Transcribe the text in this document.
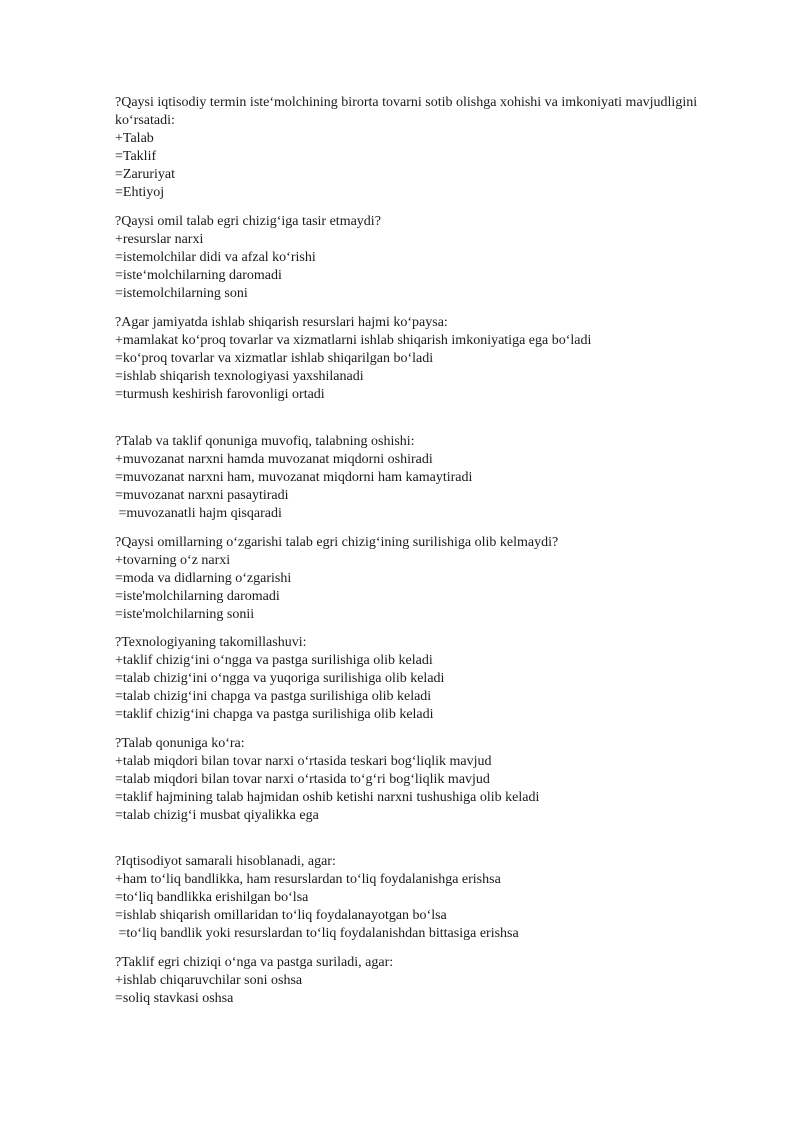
?Qaysi iqtisodiy termin iste‘molchining birorta tovarni sotib olishga xohishi va imkoniyati mavjudligini ko‘rsatadi:
+Talab
=Taklif
=Zaruriyat
=Ehtiyoj
?Qaysi omil talab egri chizig‘iga tasir etmaydi?
+resurslar narxi
=istemolchilar didi va afzal ko‘rishi
=iste‘molchilarning daromadi
=istemolchilarning soni
?Agar jamiyatda ishlab shiqarish resurslari hajmi ko‘paysa:
+mamlakat ko‘proq tovarlar va xizmatlarni ishlab shiqarish imkoniyatiga ega bo‘ladi
=ko‘proq tovarlar va xizmatlar ishlab shiqarilgan bo‘ladi
=ishlab shiqarish texnologiyasi yaxshilanadi
=turmush keshirish farovonligi ortadi
?Talab va taklif qonuniga muvofiq, talabning oshishi:
+muvozanat narxni hamda muvozanat miqdorni oshiradi
=muvozanat narxni ham, muvozanat miqdorni ham kamaytiradi
=muvozanat narxni pasaytiradi
=muvozanatli hajm qisqaradi
?Qaysi omillarning o‘zgarishi talab egri chizig‘ining surilishiga olib kelmaydi?
+tovarning o‘z narxi
=moda va didlarning o‘zgarishi
=iste'molchilarning daromadi
=iste'molchilarning sonii
?Texnologiyaning takomillashuvi:
+taklif chizig‘ini o‘ngga va pastga surilishiga olib keladi
=talab chizig‘ini o‘ngga va yuqoriga surilishiga olib keladi
=talab chizig‘ini chapga va pastga surilishiga olib keladi
=taklif chizig‘ini chapga va pastga surilishiga olib keladi
?Talab qonuniga ko‘ra:
+talab miqdori bilan tovar narxi o‘rtasida teskari bog‘liqlik mavjud
=talab miqdori bilan tovar narxi o‘rtasida to‘g‘ri bog‘liqlik mavjud
=taklif hajmining talab hajmidan oshib ketishi narxni tushushiga olib keladi
=talab chizig‘i musbat qiyalikka ega
?Iqtisodiyot samarali hisoblanadi, agar:
+ham to‘liq bandlikka, ham resurslardan to‘liq foydalanishga erishsa
=to‘liq bandlikka erishilgan bo‘lsa
=ishlab shiqarish omillaridan to‘liq foydalanayotgan bo‘lsa
=to‘liq bandlik yoki resurslardan to‘liq foydalanishdan bittasiga erishsa
?Taklif egri chiziqi o‘nga va pastga suriladi, agar:
+ishlab chiqaruvchilar soni oshsa
=soliq stavkasi oshsa
